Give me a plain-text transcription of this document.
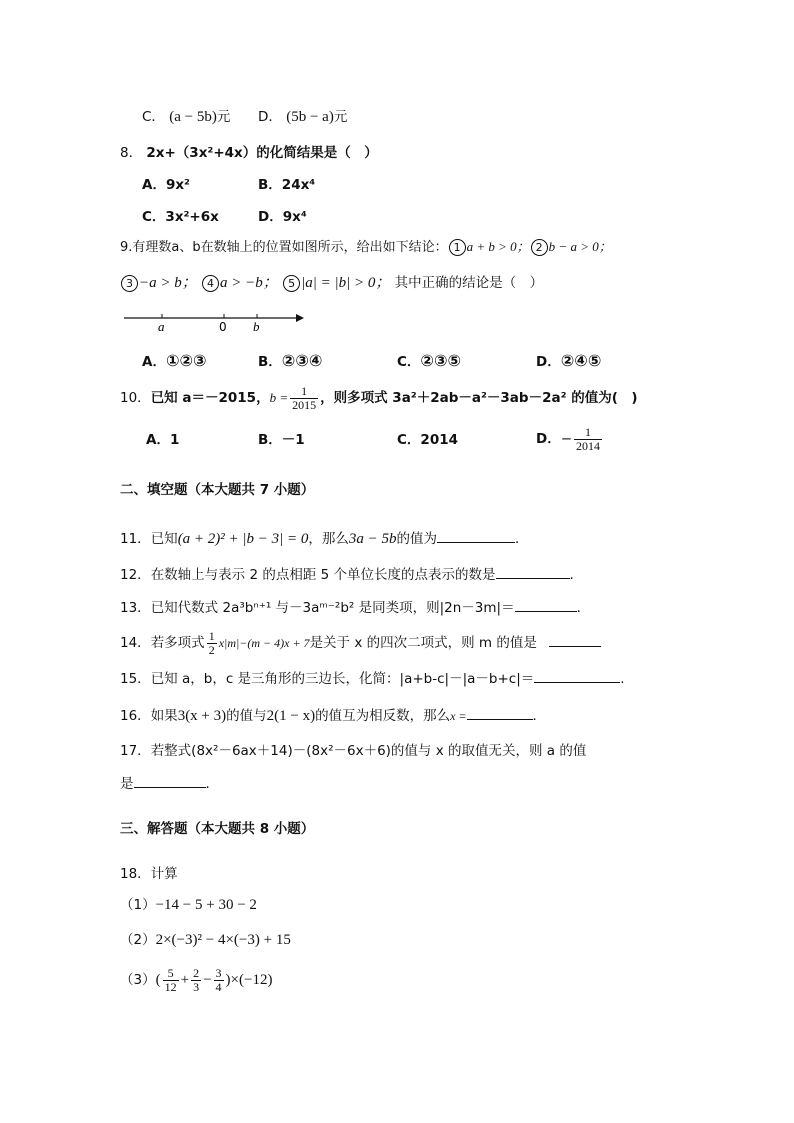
C． (a − 5b)元 D． (5b − a)元
8． 2x+（3x²+4x）的化简结果是（　）
A．9x²	B．24x⁴
C．3x²+6x	D．9x⁴
9.有理数a、b在数轴上的位置如图所示，给出如下结论： 1 a + b > 0； 2 b − a > 0；
3 −a > b； 4 a > −b； 5 |a| = |b| > 0； 其中正确的结论是（　）
a	0 b
A．①②③	B．②③④	C．②③⑤	D．②④⑤
10．已知 a＝－2015，$b = \frac{1}{2015}$ ，则多项式 3a²＋2ab－a²－3ab－2a² 的值为(　)
A．1	B．－1	C．2014	D．− $\frac{1}{2014}$
二、填空题（本大题共 7 小题）
11．已知(a + 2)² + |b − 3| = 0，那么3a − 5b的值为	．
12．在数轴上与表示 2 的点相距 5 个单位长度的点表示的数是	．
13．已知代数式 2a³bⁿ⁺¹ 与－3aᵐ⁻²b² 是同类项，则|2n－3m|＝	．
14．若多项式 $\frac{1}{2} x|m|-(m - 4)x + 7$是关于 x 的四次二项式，则 m 的值是
15．已知 a，b，c 是三角形的三边长，化简：|a+b-c|－|a－b+c|＝	.
16．如果3(x + 3)的值与2(1 − x)的值互为相反数，那么x =	．
17．若整式(8x²－6ax＋14)－(8x²－6x＋6)的值与 x 的取值无关，则 a 的值
是	．
三、解答题（本大题共 8 小题）
18．计算
（1）−14 − 5 + 30 − 2
（2）2×(−3)² − 4×(−3) + 15
$(3)( \frac{5}{12} + \frac{2}{3} - \frac{3}{4} )\times(-12)$
